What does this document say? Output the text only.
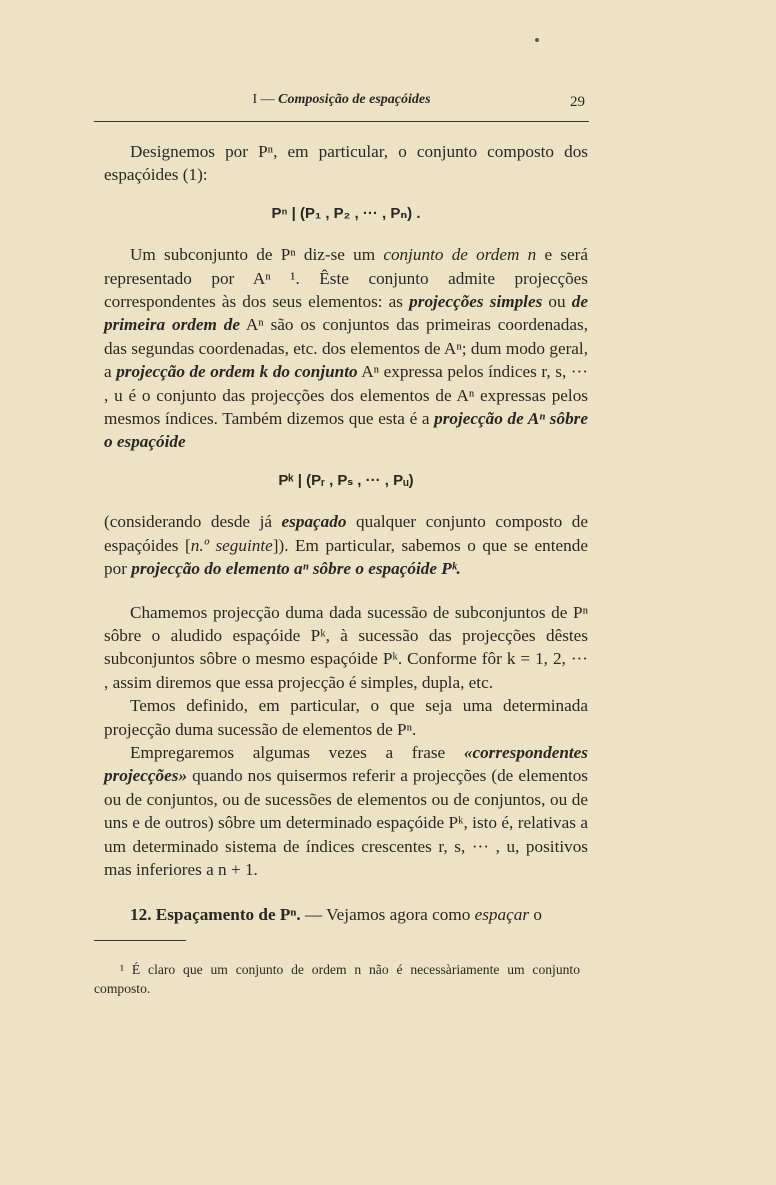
I — Composição de espaçóides	29

Designemos por Pⁿ, em particular, o conjunto composto dos espaçóides (1):

Pⁿ | (P₁ , P₂ , ··· , Pₙ) .

Um subconjunto de Pⁿ diz-se um conjunto de ordem n e será representado por Aⁿ ¹. Êste conjunto admite projecções correspondentes às dos seus elementos: as projecções simples ou de primeira ordem de Aⁿ são os conjuntos das primeiras coordenadas, das segundas coordenadas, etc. dos elementos de Aⁿ; dum modo geral, a projecção de ordem k do conjunto Aⁿ expressa pelos índices r, s, ··· , u é o conjunto das projecções dos elementos de Aⁿ expressas pelos mesmos índices. Também dizemos que esta é a projecção de Aⁿ sôbre o espaçóide

Pᵏ | (Pᵣ , Pₛ , ··· , Pᵤ)

(considerando desde já espaçado qualquer conjunto composto de espaçóides [n.º seguinte]). Em particular, sabemos o que se entende por projecção do elemento aⁿ sôbre o espaçóide Pᵏ.

Chamemos projecção duma dada sucessão de subconjuntos de Pⁿ sôbre o aludido espaçóide Pᵏ, à sucessão das projecções dêstes subconjuntos sôbre o mesmo espaçóide Pᵏ. Conforme fôr k = 1, 2, ··· , assim diremos que essa projecção é simples, dupla, etc.

Temos definido, em particular, o que seja uma determinada projecção duma sucessão de elementos de Pⁿ.

Empregaremos algumas vezes a frase «correspondentes projecções» quando nos quisermos referir a projecções (de elementos ou de conjuntos, ou de sucessões de elementos ou de conjuntos, ou de uns e de outros) sôbre um determinado espaçóide Pᵏ, isto é, relativas a um determinado sistema de índices crescentes r, s, ··· , u, positivos mas inferiores a n + 1.

12. Espaçamento de Pⁿ. — Vejamos agora como espaçar o

¹ É claro que um conjunto de ordem n não é necessàriamente um conjunto composto.
